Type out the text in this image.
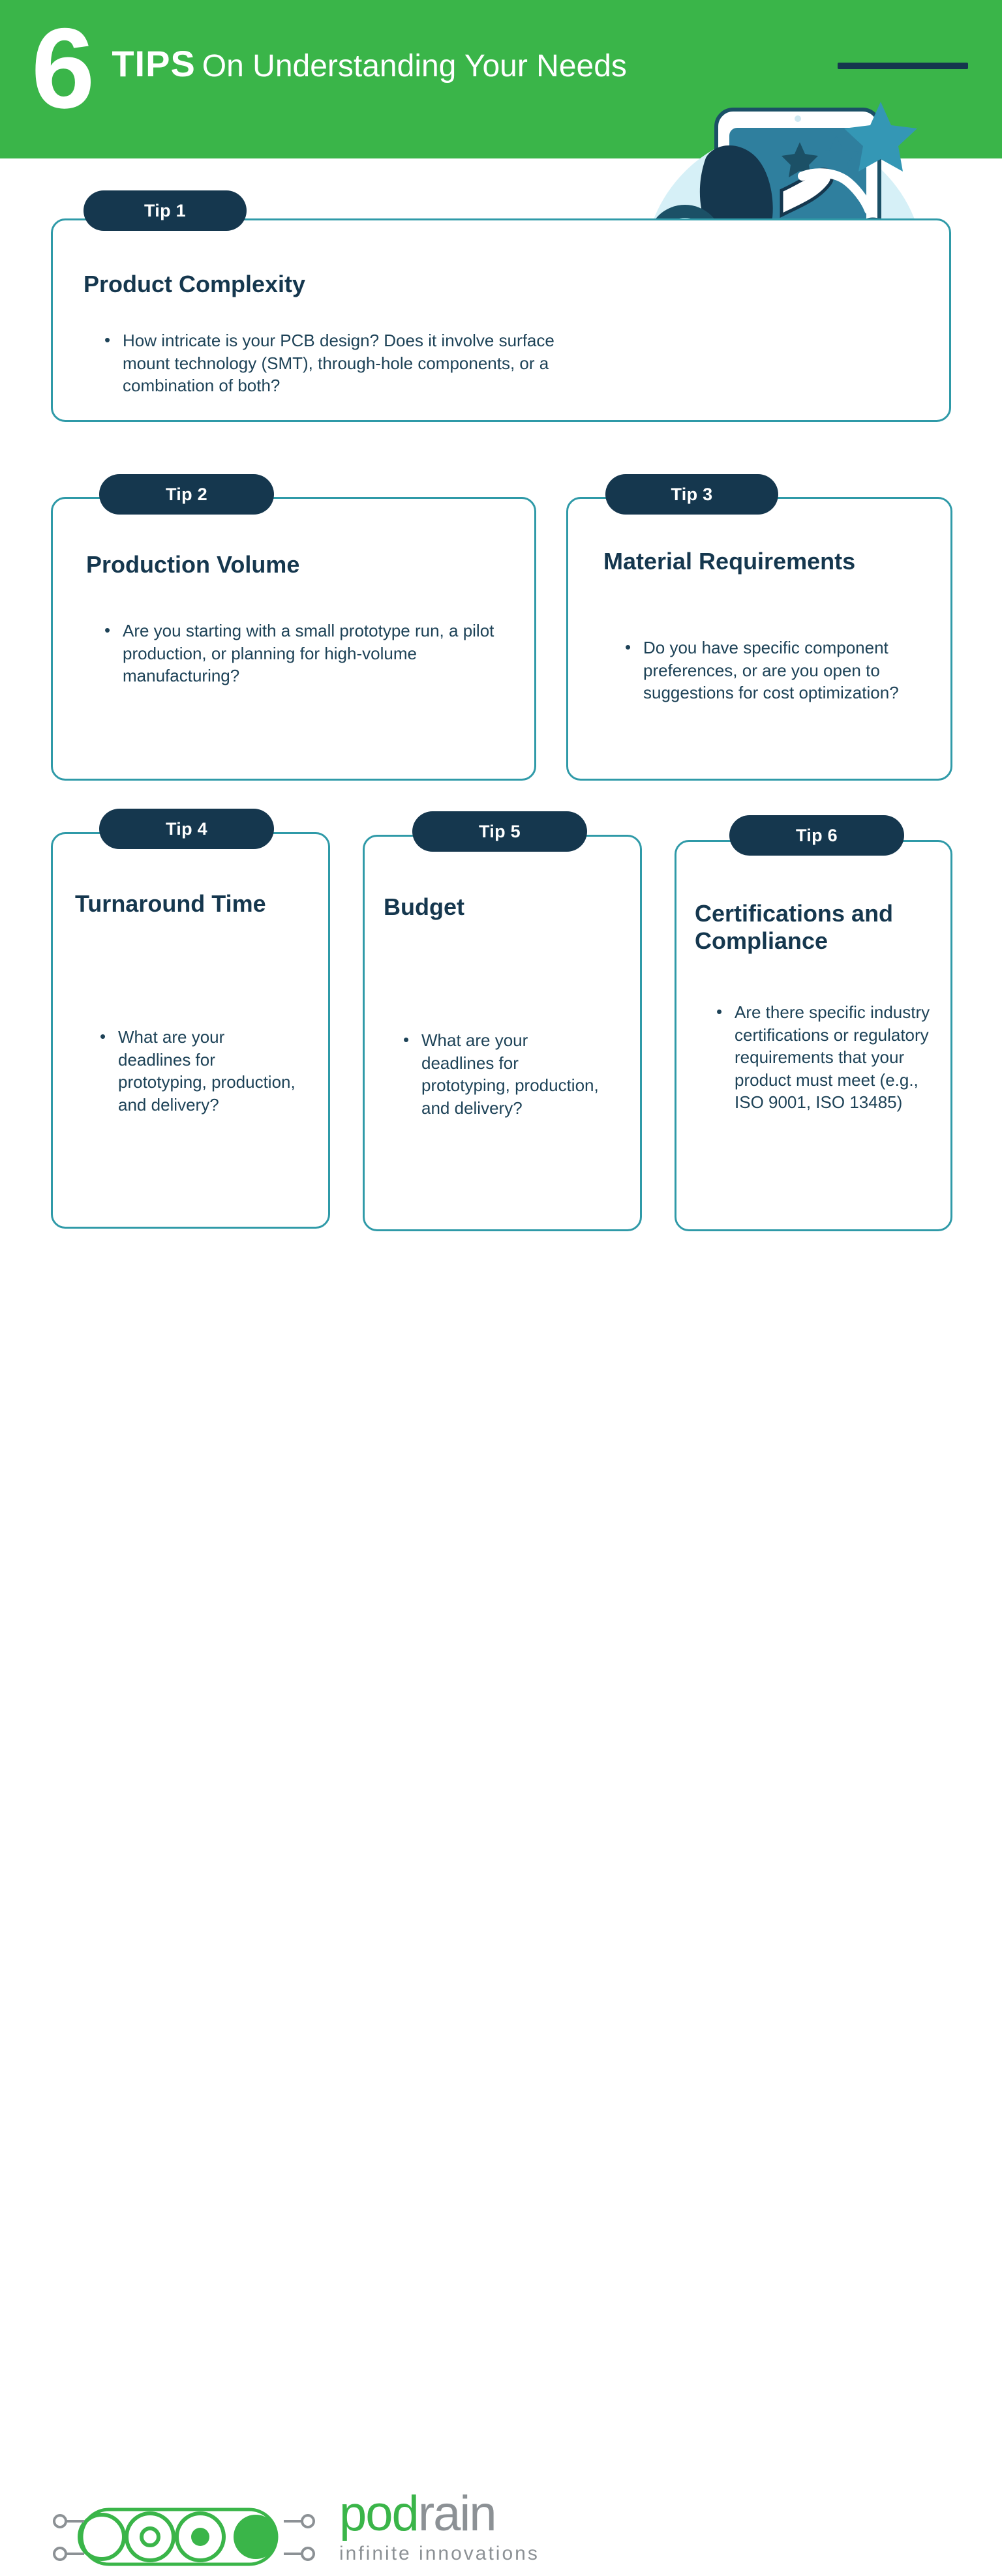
6 TIPS On Understanding Your Needs
Tip 1
Product Complexity
• How intricate is your PCB design? Does it involve surface mount technology (SMT), through-hole components, or a combination of both?
Tip 2
Production Volume
• Are you starting with a small prototype run, a pilot production, or planning for high-volume manufacturing?
Tip 3
Material Requirements
• Do you have specific component preferences, or are you open to suggestions for cost optimization?
Tip 4
Turnaround Time
• What are your deadlines for prototyping, production, and delivery?
Tip 5
Budget
• What are your deadlines for prototyping, production, and delivery?
Tip 6
Certifications and Compliance
• Are there specific industry certifications or regulatory requirements that your product must meet (e.g., ISO 9001, ISO 13485)
podrain
infinite innovations
